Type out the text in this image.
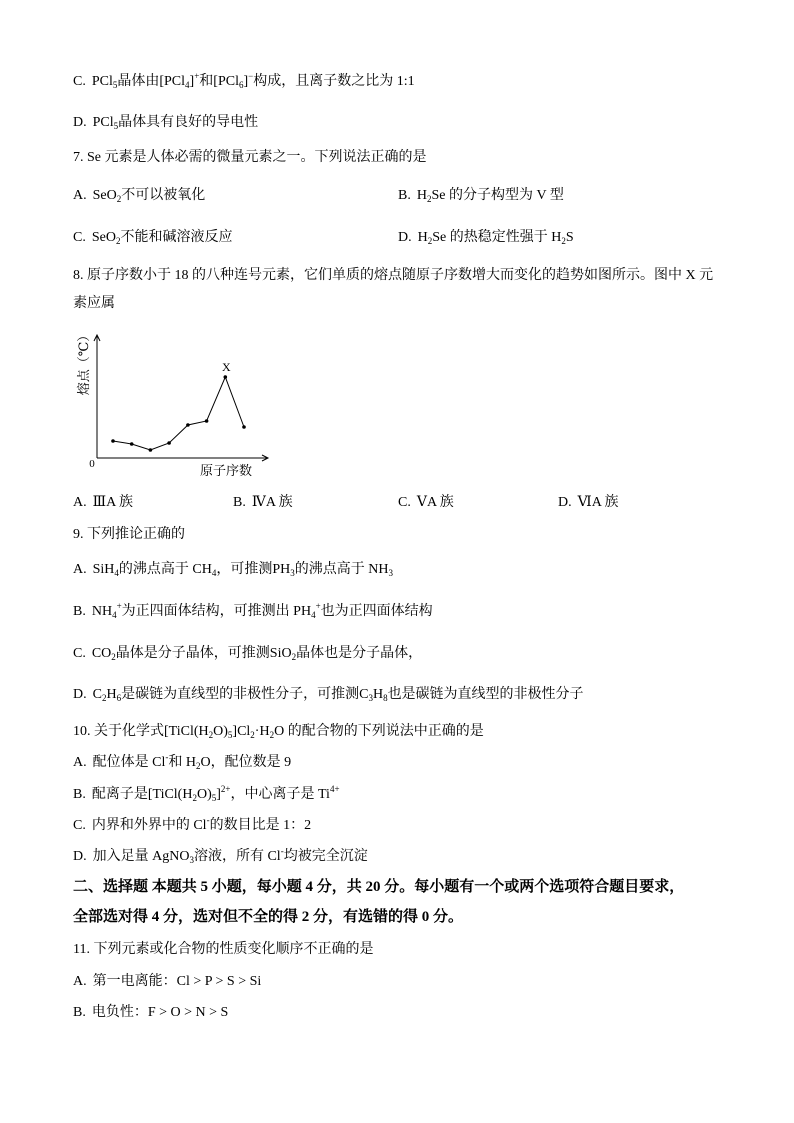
C. PCl$_5$晶体由[PCl$_4$]+和[PCl$_6$]−构成，且离子数之比为 1:1
D. PCl$_5$晶体具有良好的导电性
7. Se 元素是人体必需的微量元素之一。下列说法正确的是
A. SeO$_2$不可以被氧化	B. $H_2Se$ 的分子构型为 V 型
C. SeO$_2$不能和碱溶液反应	D. $H_2Se$ 的热稳定性强于 $H_2S$
8. 原子序数小于 18 的八种连号元素，它们单质的熔点随原子序数增大而变化的趋势如图所示。图中 X 元
素应属
熔点（℃）
0	原子序数
X
A. ⅢA 族	B. ⅣA 族	C. ⅤA 族	D. ⅥA 族
9. 下列推论正确的
A. SiH$_4$的沸点高于 $CH_4$，可推测$PH_3$的沸点高于 $NH_3$
B. $NH_4^+$为正四面体结构，可推测出 $PH_4^+$也为正四面体结构
C. $CO_2$晶体是分子晶体，可推测SiO$_2$晶体也是分子晶体，
D. $C_2H_6$是碳链为直线型的非极性分子，可推测$C_3H_8$也是碳链为直线型的非极性分子
10. 关于化学式$[TiCl(H_2O)_5]Cl_2\cdot H_2O$ 的配合物的下列说法中正确的是
A. 配位体是 Cl-和 $H_2O$，配位数是 9
B. 配离子是$[TiCl(H_2O)_5]^{2+}$，中心离子是 $Ti^{4+}$
C. 内界和外界中的 Cl-的数目比是 1：2
D. 加入足量 AgNO$_3$溶液，所有 Cl-均被完全沉淀
二、选择题 本题共 5 小题，每小题 4 分，共 20 分。每小题有一个或两个选项符合题目要求，
全部选对得 4 分，选对但不全的得 2 分，有选错的得 0 分。
11. 下列元素或化合物的性质变化顺序不正确的是
A. 第一电离能：Cl > P > S > Si
B. 电负性：F > O > N > S
